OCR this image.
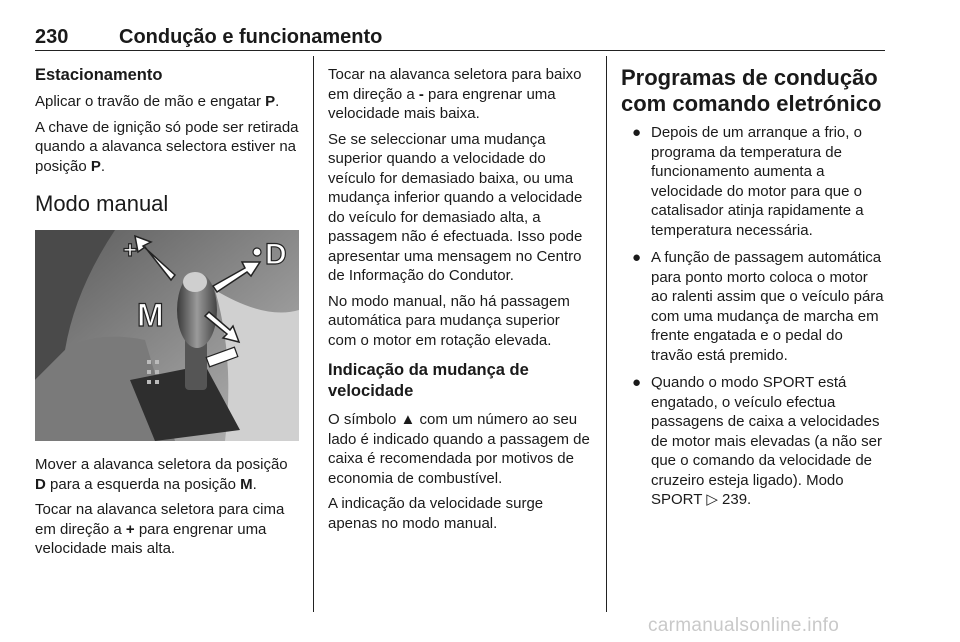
230	Condução e funcionamento
Estacionamento

Aplicar o travão de mão e engatar P.

A chave de ignição só pode ser retirada quando a alavanca selectora estiver na posição P.

Modo manual
+	D
M

Mover a alavanca seletora da posição D para a esquerda na posição M.

Tocar na alavanca seletora para cima em direção a + para engrenar uma velocidade mais alta.

Tocar na alavanca seletora para baixo em direção a - para engrenar uma velocidade mais baixa.

Se se seleccionar uma mudança superior quando a velocidade do veículo for demasiado baixa, ou uma mudança inferior quando a velocidade do veículo for demasiado alta, a passagem não é efectuada. Isso pode apresentar uma mensagem no Centro de Informação do Condutor.

No modo manual, não há passagem automática para mudança superior com o motor em rotação elevada.

Indicação da mudança de velocidade

O símbolo ▲ com um número ao seu lado é indicado quando a passagem de caixa é recomendada por motivos de economia de combustível.

A indicação da velocidade surge apenas no modo manual.

Programas de condução com comando eletrónico
● Depois de um arranque a frio, o programa da temperatura de funcionamento aumenta a velocidade do motor para que o catalisador atinja rapidamente a temperatura necessária.
● A função de passagem automática para ponto morto coloca o motor ao ralenti assim que o veículo pára com uma mudança de marcha em frente engatada e o pedal do travão está premido.
● Quando o modo SPORT está engatado, o veículo efectua passagens de caixa a velocidades de motor mais elevadas (a não ser que o comando da velocidade de cruzeiro esteja ligado). Modo SPORT ▷ 239.
carmanualsonline.info
